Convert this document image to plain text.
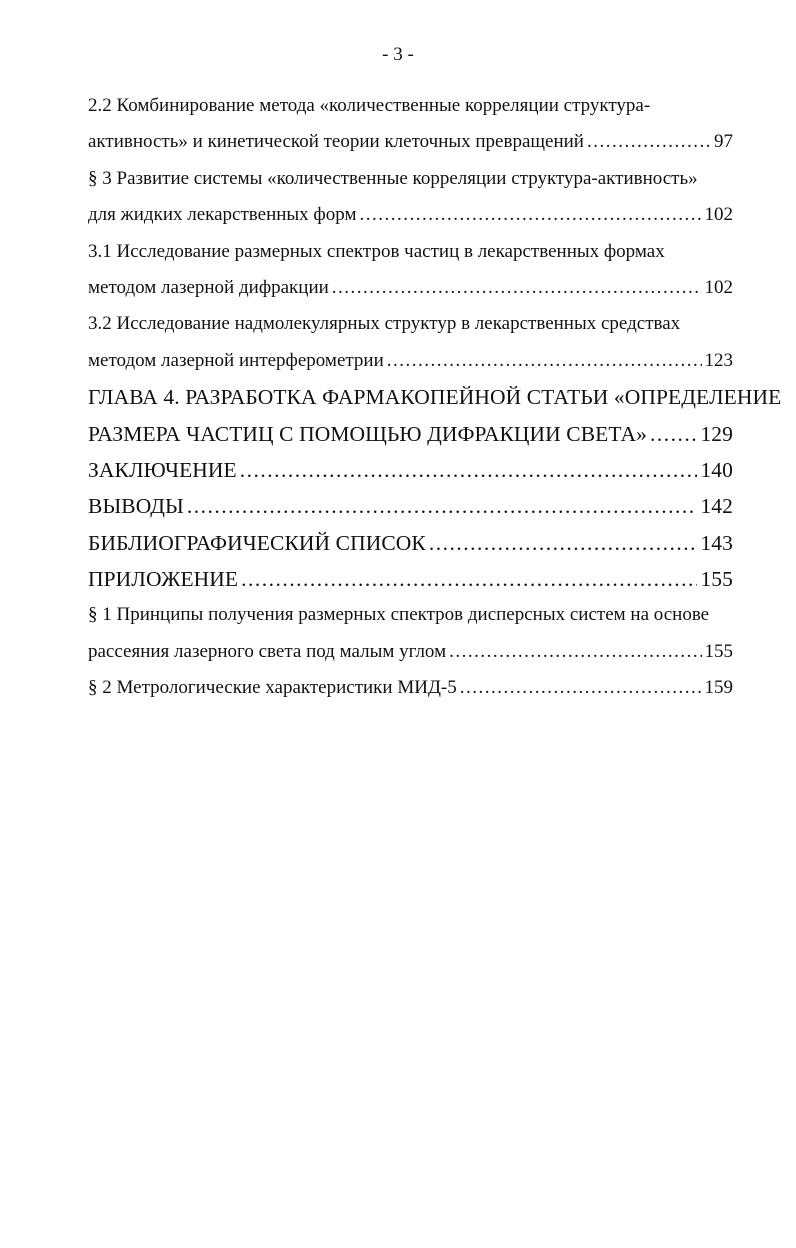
- 3 -
2.2 Комбинирование метода «количественные корреляции структура-
активность» и кинетической теории клеточных превращений .....	97
§ 3 Развитие системы «количественные корреляции структура-активность»
для жидких лекарственных форм .....	102
3.1 Исследование размерных спектров частиц в лекарственных формах
методом лазерной дифракции .....	102
3.2 Исследование надмолекулярных структур в лекарственных средствах
методом лазерной интерферометрии .....	123
ГЛАВА 4. РАЗРАБОТКА ФАРМАКОПЕЙНОЙ СТАТЬИ «ОПРЕДЕЛЕНИЕ
РАЗМЕРА ЧАСТИЦ С ПОМОЩЬЮ ДИФРАКЦИИ СВЕТА» ..... 129
ЗАКЛЮЧЕНИЕ .....	140
ВЫВОДЫ .....	142
БИБЛИОГРАФИЧЕСКИЙ СПИСОК .....	143
ПРИЛОЖЕНИЕ .....	155
§ 1 Принципы получения размерных спектров дисперсных систем на основе
рассеяния лазерного света под малым углом .....	155
§ 2 Метрологические характеристики МИД-5 .....	159
